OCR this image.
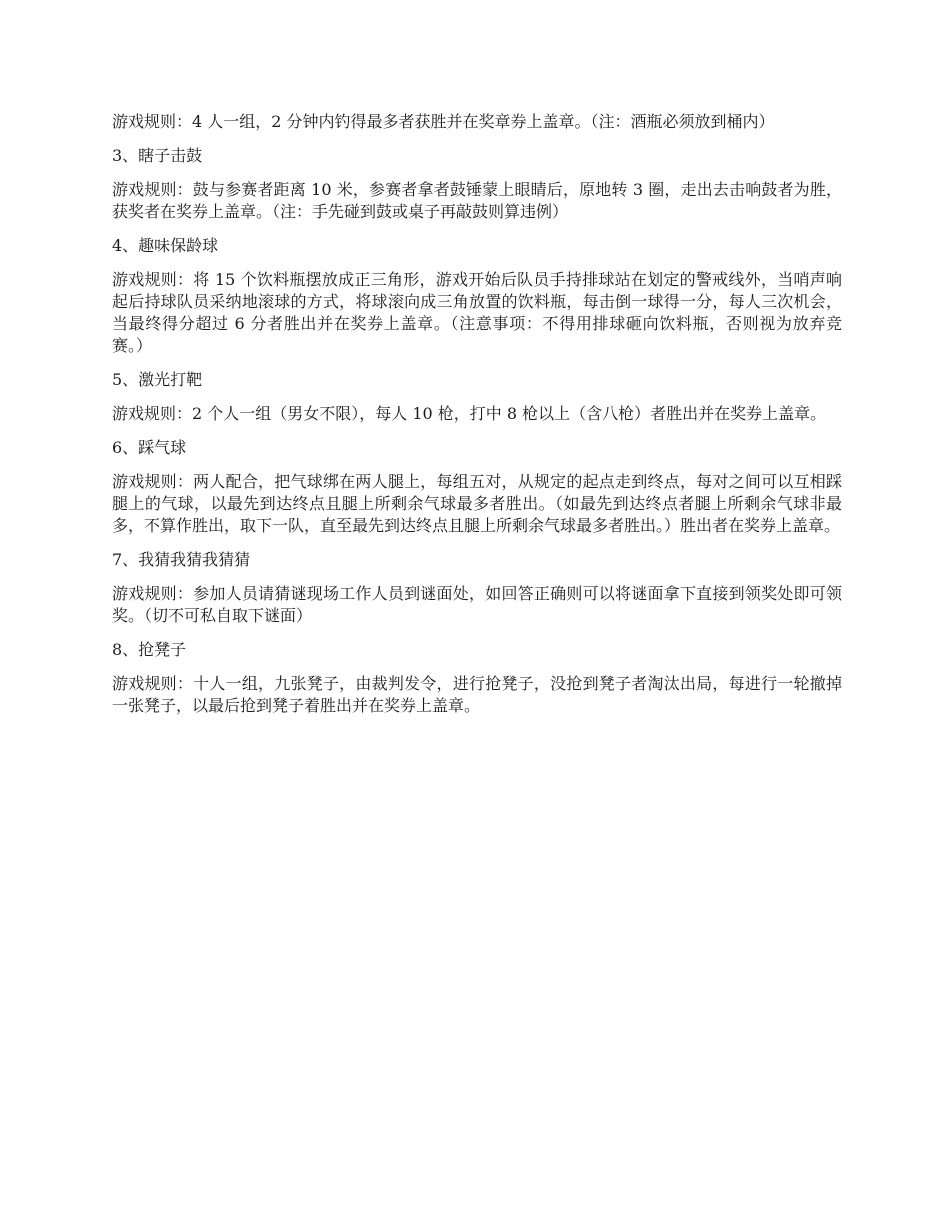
游戏规则：4 人一组，2 分钟内钓得最多者获胜并在奖章券上盖章。（注：酒瓶必须放到桶内）

3、瞎子击鼓

游戏规则：鼓与参赛者距离 10 米，参赛者拿者鼓锤蒙上眼睛后，原地转 3 圈，走出去击响鼓者为胜，获奖者在奖券上盖章。（注：手先碰到鼓或桌子再敲鼓则算违例）

4、趣味保龄球

游戏规则：将 15 个饮料瓶摆放成正三角形，游戏开始后队员手持排球站在划定的警戒线外，当哨声响起后持球队员采纳地滚球的方式，将球滚向成三角放置的饮料瓶，每击倒一球得一分，每人三次机会，当最终得分超过 6 分者胜出并在奖券上盖章。（注意事项：不得用排球砸向饮料瓶，否则视为放弃竞赛。）

5、激光打靶

游戏规则：2 个人一组（男女不限），每人 10 枪，打中 8 枪以上（含八枪）者胜出并在奖券上盖章。

6、踩气球

游戏规则：两人配合，把气球绑在两人腿上，每组五对，从规定的起点走到终点，每对之间可以互相踩腿上的气球，以最先到达终点且腿上所剩余气球最多者胜出。（如最先到达终点者腿上所剩余气球非最多，不算作胜出，取下一队，直至最先到达终点且腿上所剩余气球最多者胜出。）胜出者在奖券上盖章。

7、我猜我猜我猜猜

游戏规则：参加人员请猜谜现场工作人员到谜面处，如回答正确则可以将谜面拿下直接到领奖处即可领奖。（切不可私自取下谜面）

8、抢凳子

游戏规则：十人一组，九张凳子，由裁判发令，进行抢凳子，没抢到凳子者淘汰出局，每进行一轮撤掉一张凳子，以最后抢到凳子着胜出并在奖券上盖章。
